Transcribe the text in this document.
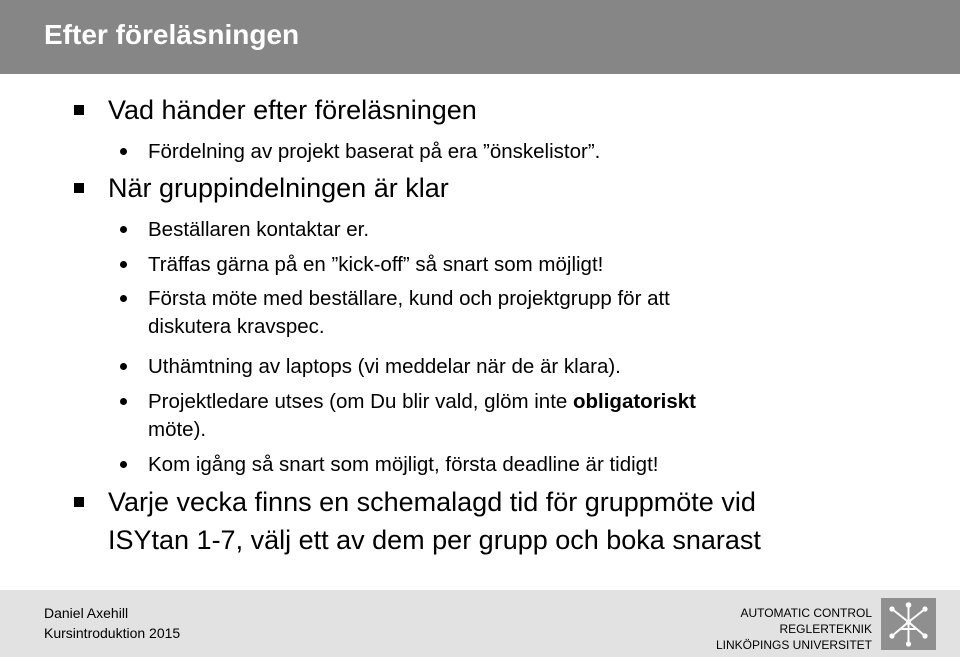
Efter föreläsningen
Vad händer efter föreläsningen
Fördelning av projekt baserat på era ”önskelistor”.
När gruppindelningen är klar
Beställaren kontaktar er.
Träffas gärna på en ”kick-off” så snart som möjligt!
Första möte med beställare, kund och projektgrupp för att
diskutera kravspec.
Uthämtning av laptops (vi meddelar när de är klara).
Projektledare utses (om Du blir vald, glöm inte obligatoriskt
möte).
Kom igång så snart som möjligt, första deadline är tidigt!
Varje vecka finns en schemalagd tid för gruppmöte vid
ISYtan 1-7, välj ett av dem per grupp och boka snarast
Daniel Axehill
Kursintroduktion 2015
AUTOMATIC CONTROL
REGLERTEKNIK
LINKÖPINGS UNIVERSITET
